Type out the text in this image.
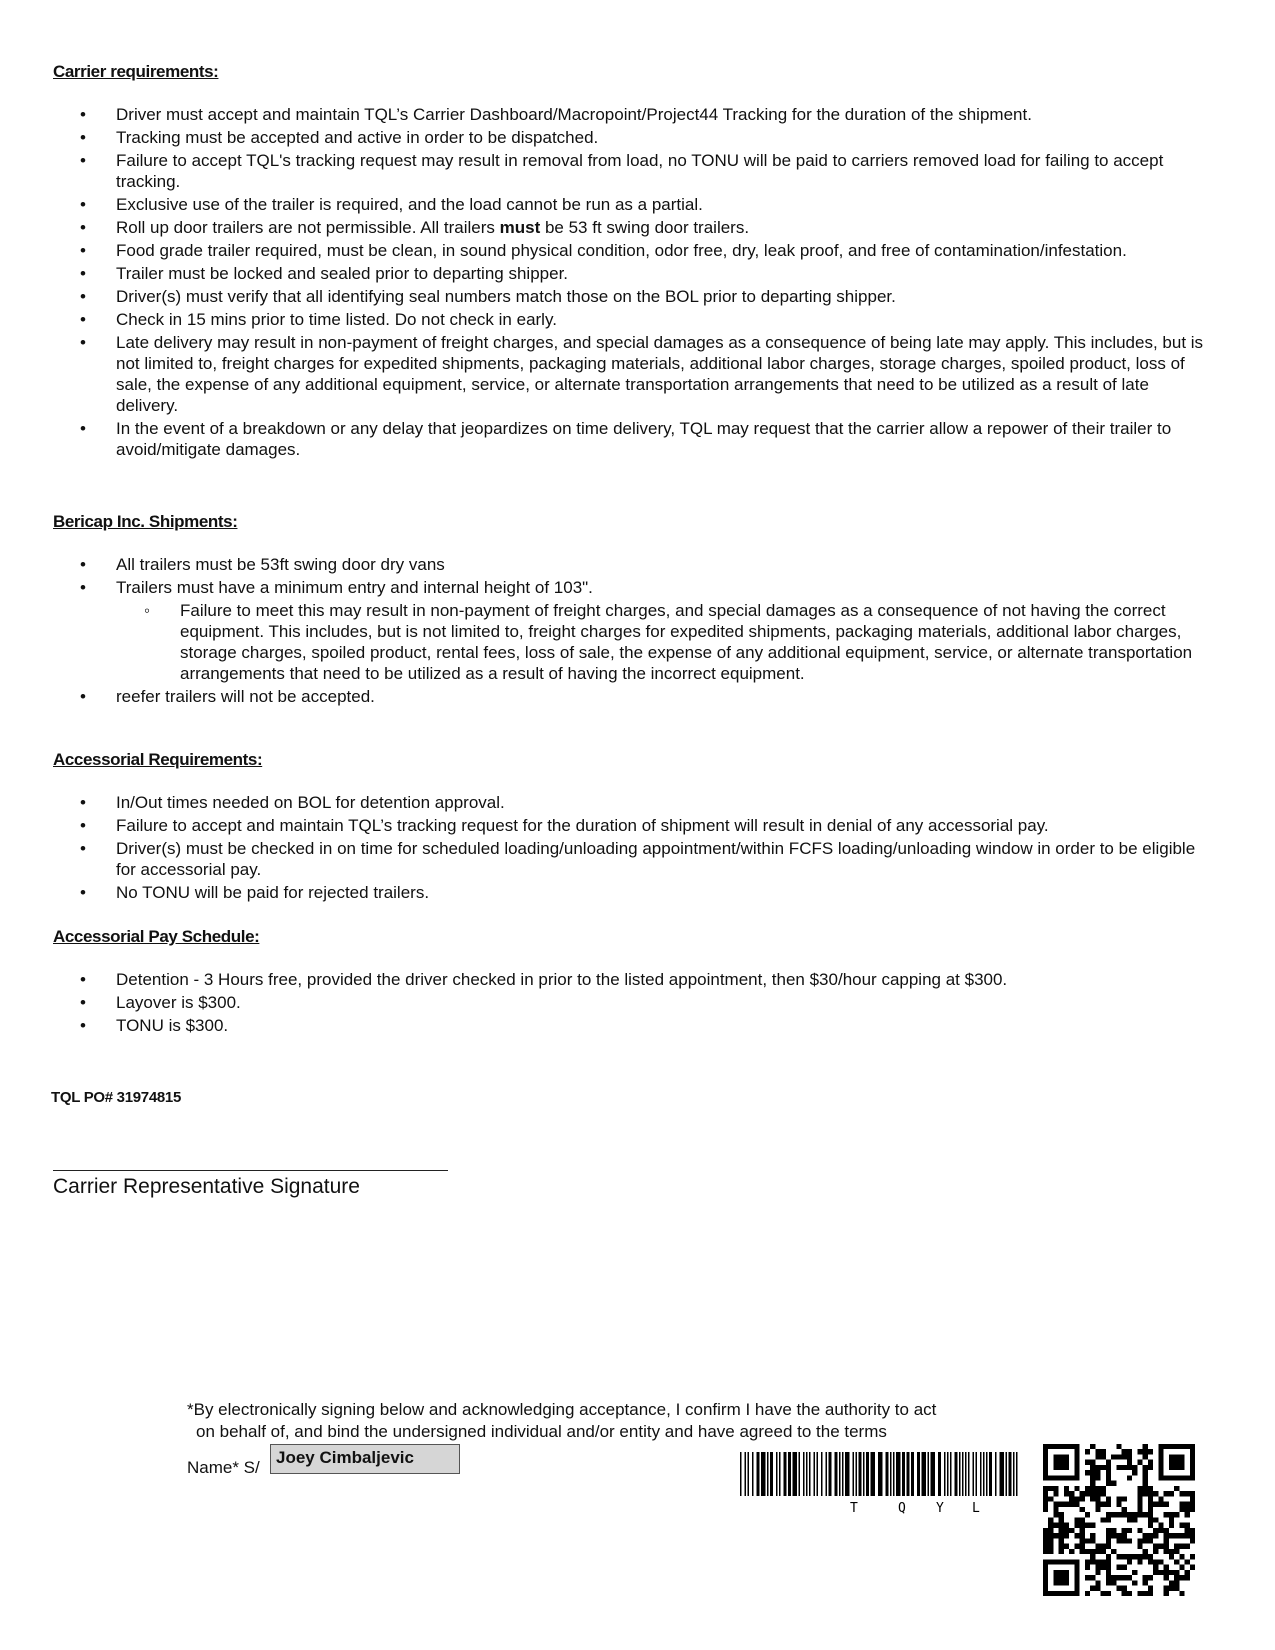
Carrier requirements:
• Driver must accept and maintain TQL’s Carrier Dashboard/Macropoint/Project44 Tracking for the duration of the shipment.
• Tracking must be accepted and active in order to be dispatched.
• Failure to accept TQL's tracking request may result in removal from load, no TONU will be paid to carriers removed load for failing to accept tracking.
• Exclusive use of the trailer is required, and the load cannot be run as a partial.
• Roll up door trailers are not permissible. All trailers must be 53 ft swing door trailers.
• Food grade trailer required, must be clean, in sound physical condition, odor free, dry, leak proof, and free of contamination/infestation.
• Trailer must be locked and sealed prior to departing shipper.
• Driver(s) must verify that all identifying seal numbers match those on the BOL prior to departing shipper.
• Check in 15 mins prior to time listed. Do not check in early.
• Late delivery may result in non-payment of freight charges, and special damages as a consequence of being late may apply. This includes, but is not limited to, freight charges for expedited shipments, packaging materials, additional labor charges, storage charges, spoiled product, loss of sale, the expense of any additional equipment, service, or alternate transportation arrangements that need to be utilized as a result of late delivery.
• In the event of a breakdown or any delay that jeopardizes on time delivery, TQL may request that the carrier allow a repower of their trailer to avoid/mitigate damages.
Bericap Inc. Shipments:
• All trailers must be 53ft swing door dry vans
• Trailers must have a minimum entry and internal height of 103".
◦ Failure to meet this may result in non-payment of freight charges, and special damages as a consequence of not having the correct equipment. This includes, but is not limited to, freight charges for expedited shipments, packaging materials, additional labor charges, storage charges, spoiled product, rental fees, loss of sale, the expense of any additional equipment, service, or alternate transportation arrangements that need to be utilized as a result of having the incorrect equipment.
• reefer trailers will not be accepted.
Accessorial Requirements:
• In/Out times needed on BOL for detention approval.
• Failure to accept and maintain TQL’s tracking request for the duration of shipment will result in denial of any accessorial pay.
• Driver(s) must be checked in on time for scheduled loading/unloading appointment/within FCFS loading/unloading window in order to be eligible for accessorial pay.
• No TONU will be paid for rejected trailers.
Accessorial Pay Schedule:
• Detention - 3 Hours free, provided the driver checked in prior to the listed appointment, then $30/hour capping at $300.
• Layover is $300.
• TONU is $300.
TQL PO# 31974815
Carrier Representative Signature
*By electronically signing below and acknowledging acceptance, I confirm I have the authority to act
on behalf of, and bind the undersigned individual and/or entity and have agreed to the terms
Name* S/
Joey Cimbaljevic
T	Q Y L
